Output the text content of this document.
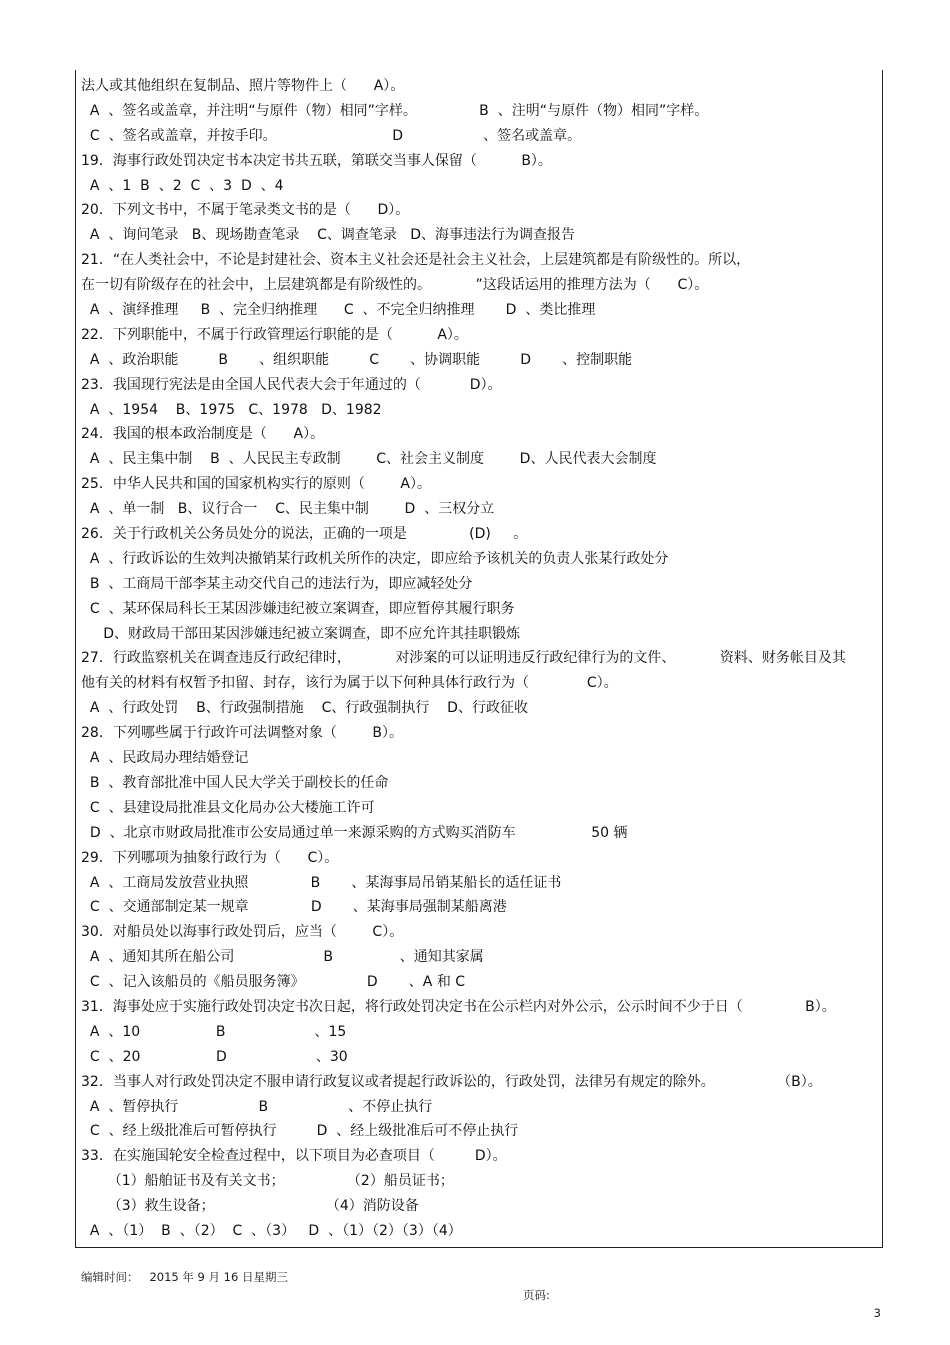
法人或其他组织在复制品、照片等物件上（      A）。
A  、签名或盖章，并注明“与原件（物）相同”字样。              B  、注明“与原件（物）相同”字样。
C  、签名或盖章，并按手印。                          D                  、签名或盖章。
19．海事行政处罚决定书本决定书共五联，第联交当事人保留（          B）。
A  、1  B  、2  C  、3  D  、4
20．下列文书中，不属于笔录类文书的是（      D）。
A  、询问笔录   B、现场勘查笔录    C、调查笔录   D、海事违法行为调查报告
21．“在人类社会中，不论是封建社会、资本主义社会还是社会主义社会，上层建筑都是有阶级性的。所以，
在一切有阶级存在的社会中，上层建筑都是有阶级性的。          ”这段话运用的推理方法为（      C）。
A  、演绎推理     B  、完全归纳推理      C  、不完全归纳推理       D  、类比推理
22．下列职能中，不属于行政管理运行职能的是（          A）。
A  、政治职能         B       、组织职能         C       、协调职能         D       、控制职能
23．我国现行宪法是由全国人民代表大会于年通过的（           D）。
A  、1954    B、1975   C、1978   D、1982
24．我国的根本政治制度是（      A）。
A  、民主集中制    B  、人民民主专政制        C、社会主义制度        D、人民代表大会制度
25．中华人民共和国的国家机构实行的原则（        A）。
A  、单一制   B、议行合一    C、民主集中制        D  、三权分立
26．关于行政机关公务员处分的说法，正确的一项是              (D)     。
A  、行政诉讼的生效判决撤销某行政机关所作的决定，即应给予该机关的负责人张某行政处分
B  、工商局干部李某主动交代自己的违法行为，即应减轻处分
C  、某环保局科长王某因涉嫌违纪被立案调查，即应暂停其履行职务
D、财政局干部田某因涉嫌违纪被立案调查，即不应允许其挂职锻炼
27．行政监察机关在调查违反行政纪律时，          对涉案的可以证明违反行政纪律行为的文件、          资料、财务帐目及其
他有关的材料有权暂予扣留、封存，该行为属于以下何种具体行政行为（             C）。
A  、行政处罚    B、行政强制措施    C、行政强制执行    D、行政征收
28．下列哪些属于行政许可法调整对象（        B）。
A  、民政局办理结婚登记
B  、教育部批准中国人民大学关于副校长的任命
C  、县建设局批准县文化局办公大楼施工许可
D  、北京市财政局批准市公安局通过单一来源采购的方式购买消防车                 50 辆
29．下列哪项为抽象行政行为（      C）。
A  、工商局发放营业执照              B       、某海事局吊销某船长的适任证书
C  、交通部制定某一规章              D       、某海事局强制某船离港
30．对船员处以海事行政处罚后，应当（        C）。
A  、通知其所在船公司                    B               、通知其家属
C  、记入该船员的《船员服务簿》              D       、A 和 C
31．海事处应于实施行政处罚决定书次日起，将行政处罚决定书在公示栏内对外公示，公示时间不少于日（              B）。
A  、10                 B                    、15
C  、20                 D                    、30
32．当事人对行政处罚决定不服申请行政复议或者提起行政诉讼的，行政处罚，法律另有规定的除外。              （B）。
A  、暂停执行                  B                  、不停止执行
C  、经上级批准后可暂停执行         D  、经上级批准后可不停止执行
33．在实施国轮安全检查过程中，以下项目为必查项目（         D）。
（1）船舶证书及有关文书；              （2）船员证书；
（3）救生设备；                         （4）消防设备
A  、（1）  B  、（2）  C  、（3）   D  、（1）（2）（3）（4）

编辑时间：   2015 年 9 月 16 日星期三

页码:

3
